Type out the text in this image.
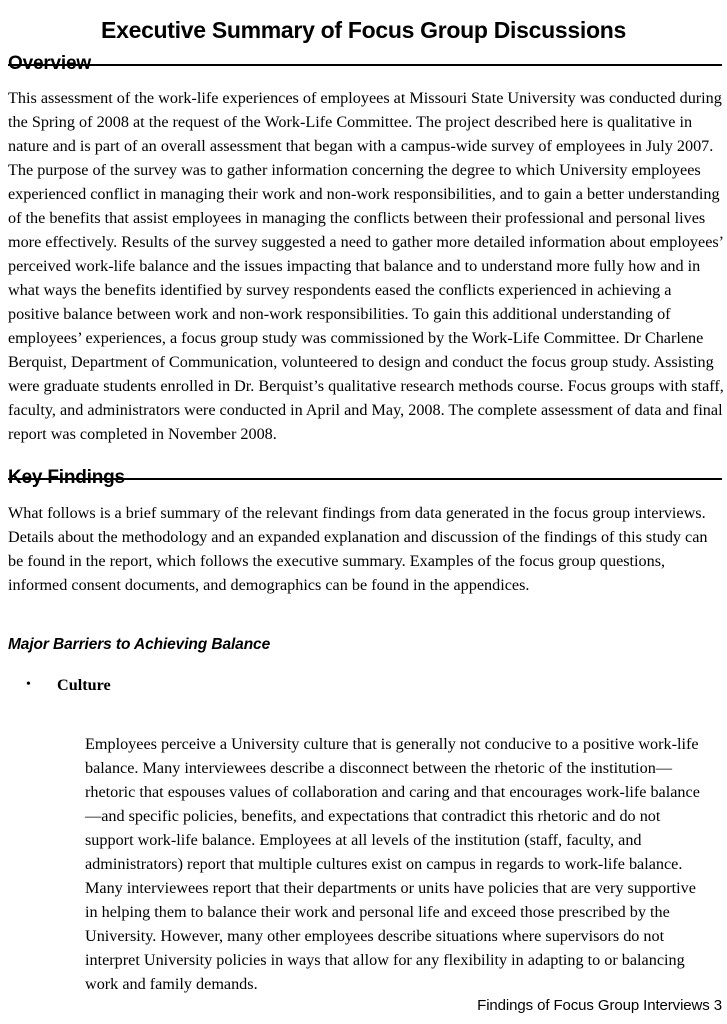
Executive Summary of Focus Group Discussions
Overview

This assessment of the work-life experiences of employees at Missouri State University was conducted during the Spring of 2008 at the request of the Work-Life Committee. The project described here is qualitative in nature and is part of an overall assessment that began with a campus-wide survey of employees in July 2007. The purpose of the survey was to gather information concerning the degree to which University employees experienced conflict in managing their work and non-work responsibilities, and to gain a better understanding of the benefits that assist employees in managing the conflicts between their professional and personal lives more effectively. Results of the survey suggested a need to gather more detailed information about employees’ perceived work-life balance and the issues impacting that balance and to understand more fully how and in what ways the benefits identified by survey respondents eased the conflicts experienced in achieving a positive balance between work and non-work responsibilities. To gain this additional understanding of employees’ experiences, a focus group study was commissioned by the Work-Life Committee. Dr Charlene Berquist, Department of Communication, volunteered to design and conduct the focus group study. Assisting were graduate students enrolled in Dr. Berquist’s qualitative research methods course. Focus groups with staff, faculty, and administrators were conducted in April and May, 2008. The complete assessment of data and final report was completed in November 2008.

Key Findings

What follows is a brief summary of the relevant findings from data generated in the focus group interviews. Details about the methodology and an expanded explanation and discussion of the findings of this study can be found in the report, which follows the executive summary. Examples of the focus group questions, informed consent documents, and demographics can be found in the appendices.

Major Barriers to Achieving Balance
•	Culture

Employees perceive a University culture that is generally not conducive to a positive work-life balance. Many interviewees describe a disconnect between the rhetoric of the institution—rhetoric that espouses values of collaboration and caring and that encourages work-life balance—and specific policies, benefits, and expectations that contradict this rhetoric and do not support work-life balance. Employees at all levels of the institution (staff, faculty, and administrators) report that multiple cultures exist on campus in regards to work-life balance. Many interviewees report that their departments or units have policies that are very supportive in helping them to balance their work and personal life and exceed those prescribed by the University. However, many other employees describe situations where supervisors do not interpret University policies in ways that allow for any flexibility in adapting to or balancing work and family demands.

Findings of Focus Group Interviews 3
